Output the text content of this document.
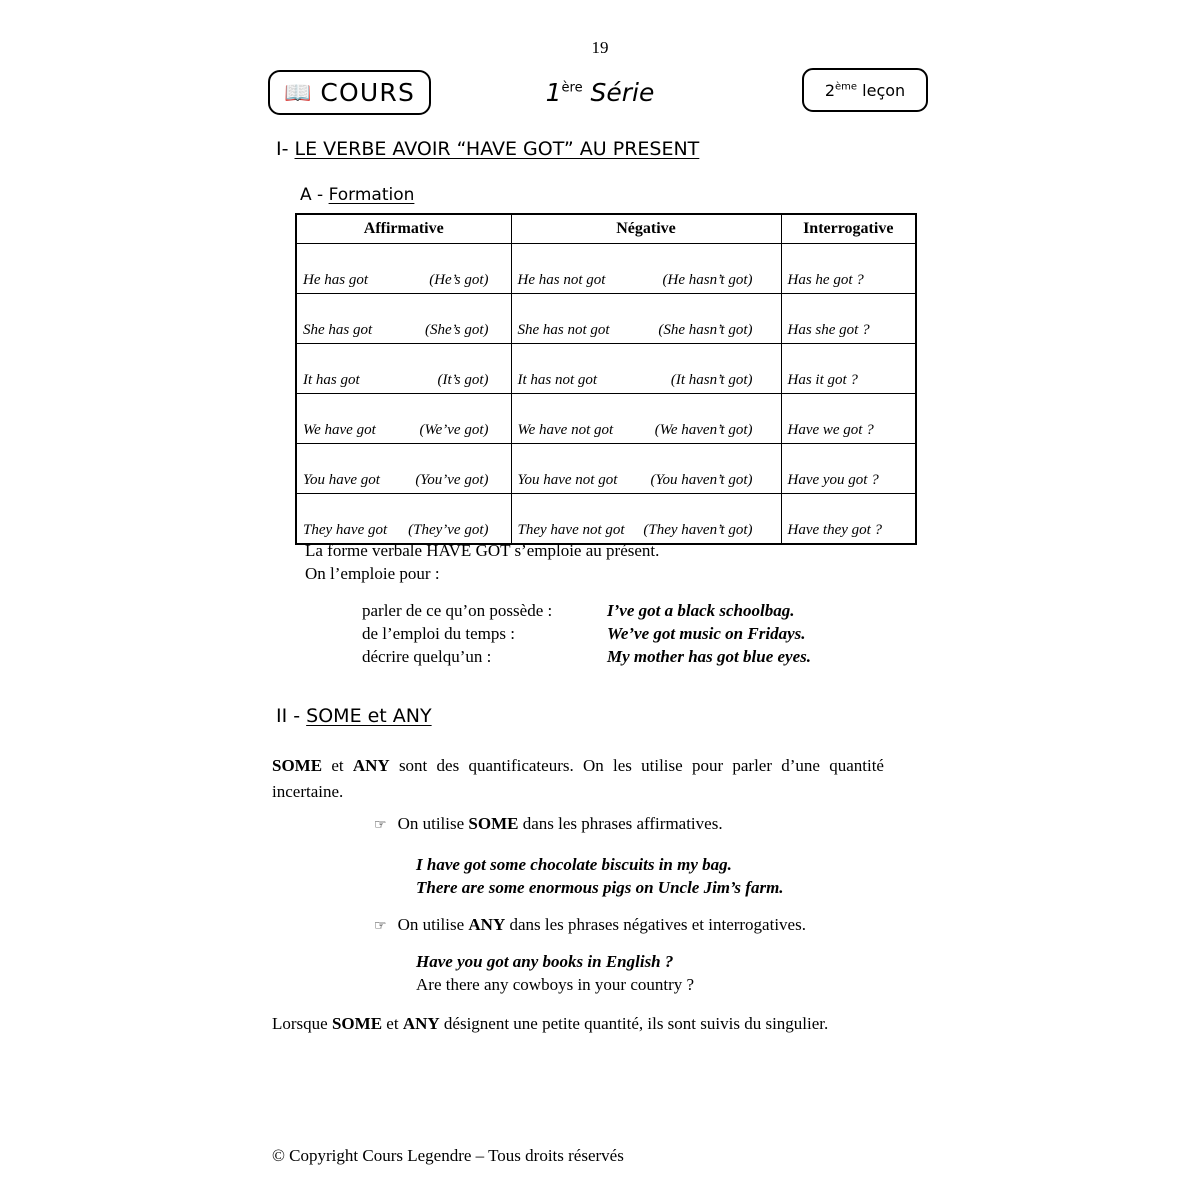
19
📖 COURS	1ère Série	2ème leçon
I- LE VERBE AVOIR “HAVE GOT” AU PRESENT
A - Formation
Affirmative	Négative	Interrogative

He has got (He’s got)	He has not got (He hasn’t got)	Has he got ?

She has got (She’s got)	She has not got (She hasn’t got)	Has she got ?

It has got (It’s got)	It has not got (It hasn’t got)	Has it got ?

We have got (We’ve got)	We have not got (We haven’t got)	Have we got ?

You have got (You’ve got)	You have not got (You haven’t got)	Have you got ?

They have got (They’ve got)	They have not got (They haven’t got)	Have they got ?
La forme verbale HAVE GOT s’emploie au présent.
On l’emploie pour :
parler de ce qu’on possède :	I’ve got a black schoolbag.
de l’emploi du temps :	We’ve got music on Fridays.
décrire quelqu’un :	My mother has got blue eyes.
II - SOME et ANY
SOME et ANY sont des quantificateurs. On les utilise pour parler d’une quantité incertaine.
☞ On utilise SOME dans les phrases affirmatives.
I have got some chocolate biscuits in my bag.
There are some enormous pigs on Uncle Jim’s farm.
☞ On utilise ANY dans les phrases négatives et interrogatives.
Have you got any books in English ?
Are there any cowboys in your country ?
Lorsque SOME et ANY désignent une petite quantité, ils sont suivis du singulier.
© Copyright Cours Legendre – Tous droits réservés
